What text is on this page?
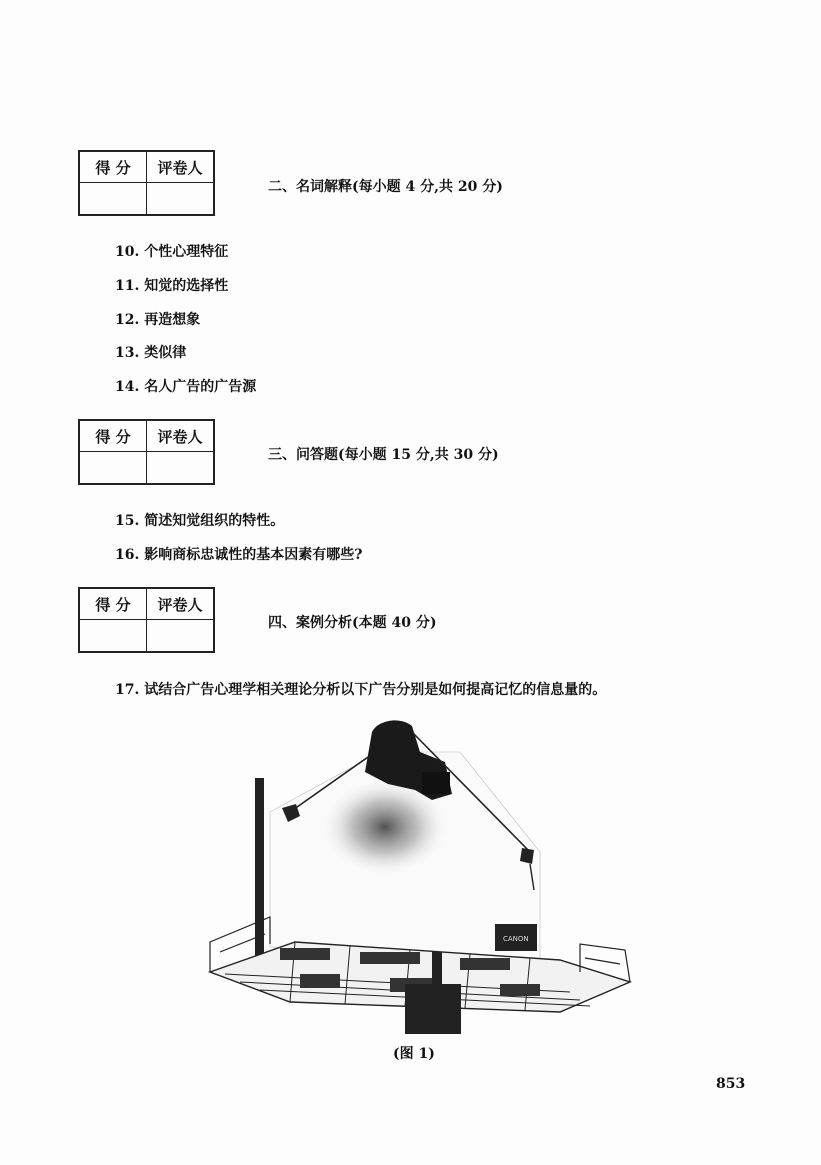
得 分	评卷人
二、名词解释(每小题 4 分,共 20 分)
10. 个性心理特征
11. 知觉的选择性
12. 再造想象
13. 类似律
14. 名人广告的广告源
得 分	评卷人
三、问答题(每小题 15 分,共 30 分)
15. 简述知觉组织的特性。
16. 影响商标忠诚性的基本因素有哪些?
得 分	评卷人
四、案例分析(本题 40 分)
17. 试结合广告心理学相关理论分析以下广告分别是如何提高记忆的信息量的。
CANON
(图 1)
853
